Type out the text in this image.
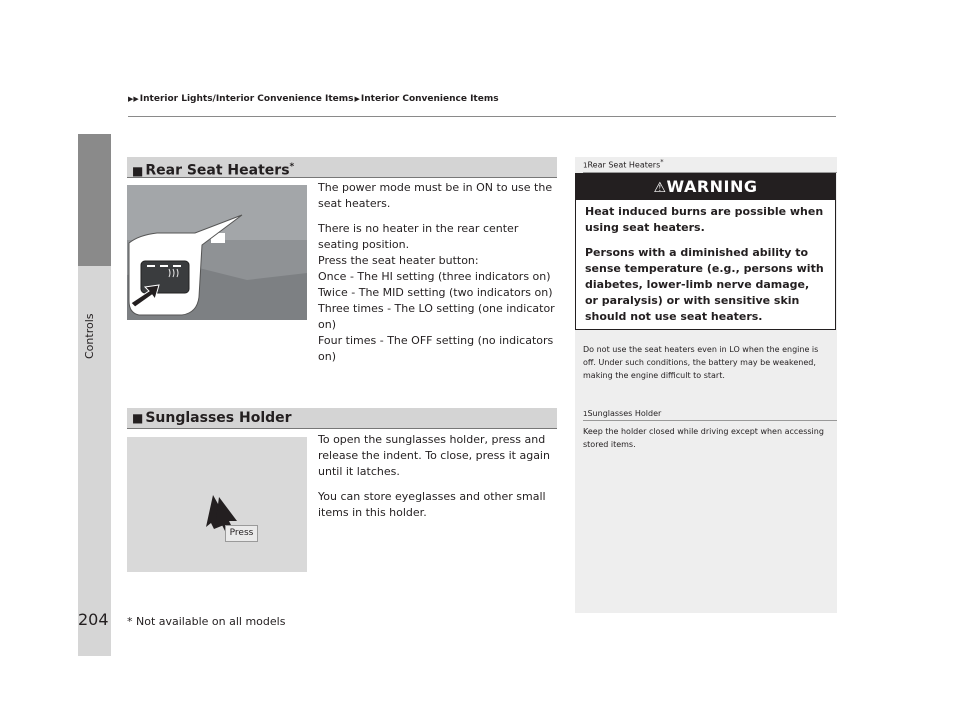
Controls
▶▶ Interior Lights/Interior Convenience Items ▶ Interior Convenience Items
■ Rear Seat Heaters*

The power mode must be in ON to use the seat heaters.

There is no heater in the rear center seating position.

Press the seat heater button:

Once - The HI setting (three indicators on)

Twice - The MID setting (two indicators on)

Three times - The LO setting (one indicator on)

Four times - The OFF setting (no indicators on)

■ Sunglasses Holder
Press

To open the sunglasses holder, press and release the indent. To close, press it again until it latches.

You can store eyeglasses and other small items in this holder.

1Rear Seat Heaters*
⚠WARNING
Heat induced burns are possible when using seat heaters.
Persons with a diminished ability to sense temperature (e.g., persons with diabetes, lower-limb nerve damage, or paralysis) or with sensitive skin should not use seat heaters.
Do not use the seat heaters even in LO when the engine is off. Under such conditions, the battery may be weakened, making the engine difficult to start.
1Sunglasses Holder
Keep the holder closed while driving except when accessing stored items.
204 * Not available on all models
